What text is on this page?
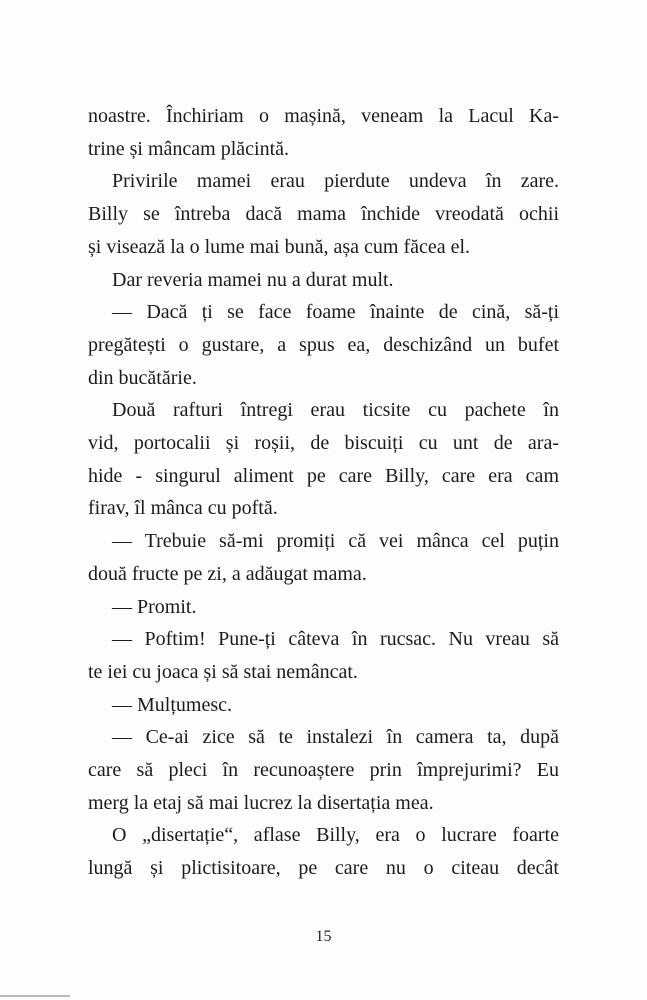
noastre. Închiriam o mașină, veneam la Lacul Ka-
trine și mâncam plăcintă.

Privirile mamei erau pierdute undeva în zare.
Billy se întreba dacă mama închide vreodată ochii
și visează la o lume mai bună, așa cum făcea el.

Dar reveria mamei nu a durat mult.

— Dacă ți se face foame înainte de cină, să-ți
pregătești o gustare, a spus ea, deschizând un bufet
din bucătărie.

Două rafturi întregi erau ticsite cu pachete în
vid, portocalii și roșii, de biscuiți cu unt de ara-
hide - singurul aliment pe care Billy, care era cam
firav, îl mânca cu poftă.

— Trebuie să-mi promiți că vei mânca cel puțin
două fructe pe zi, a adăugat mama.

— Promit.

— Poftim! Pune-ți câteva în rucsac. Nu vreau să
te iei cu joaca și să stai nemâncat.

— Mulțumesc.

— Ce-ai zice să te instalezi în camera ta, după
care să pleci în recunoaștere prin împrejurimi? Eu
merg la etaj să mai lucrez la disertația mea.

O „disertație“, aflase Billy, era o lucrare foarte
lungă și plictisitoare, pe care nu o citeau decât

15
